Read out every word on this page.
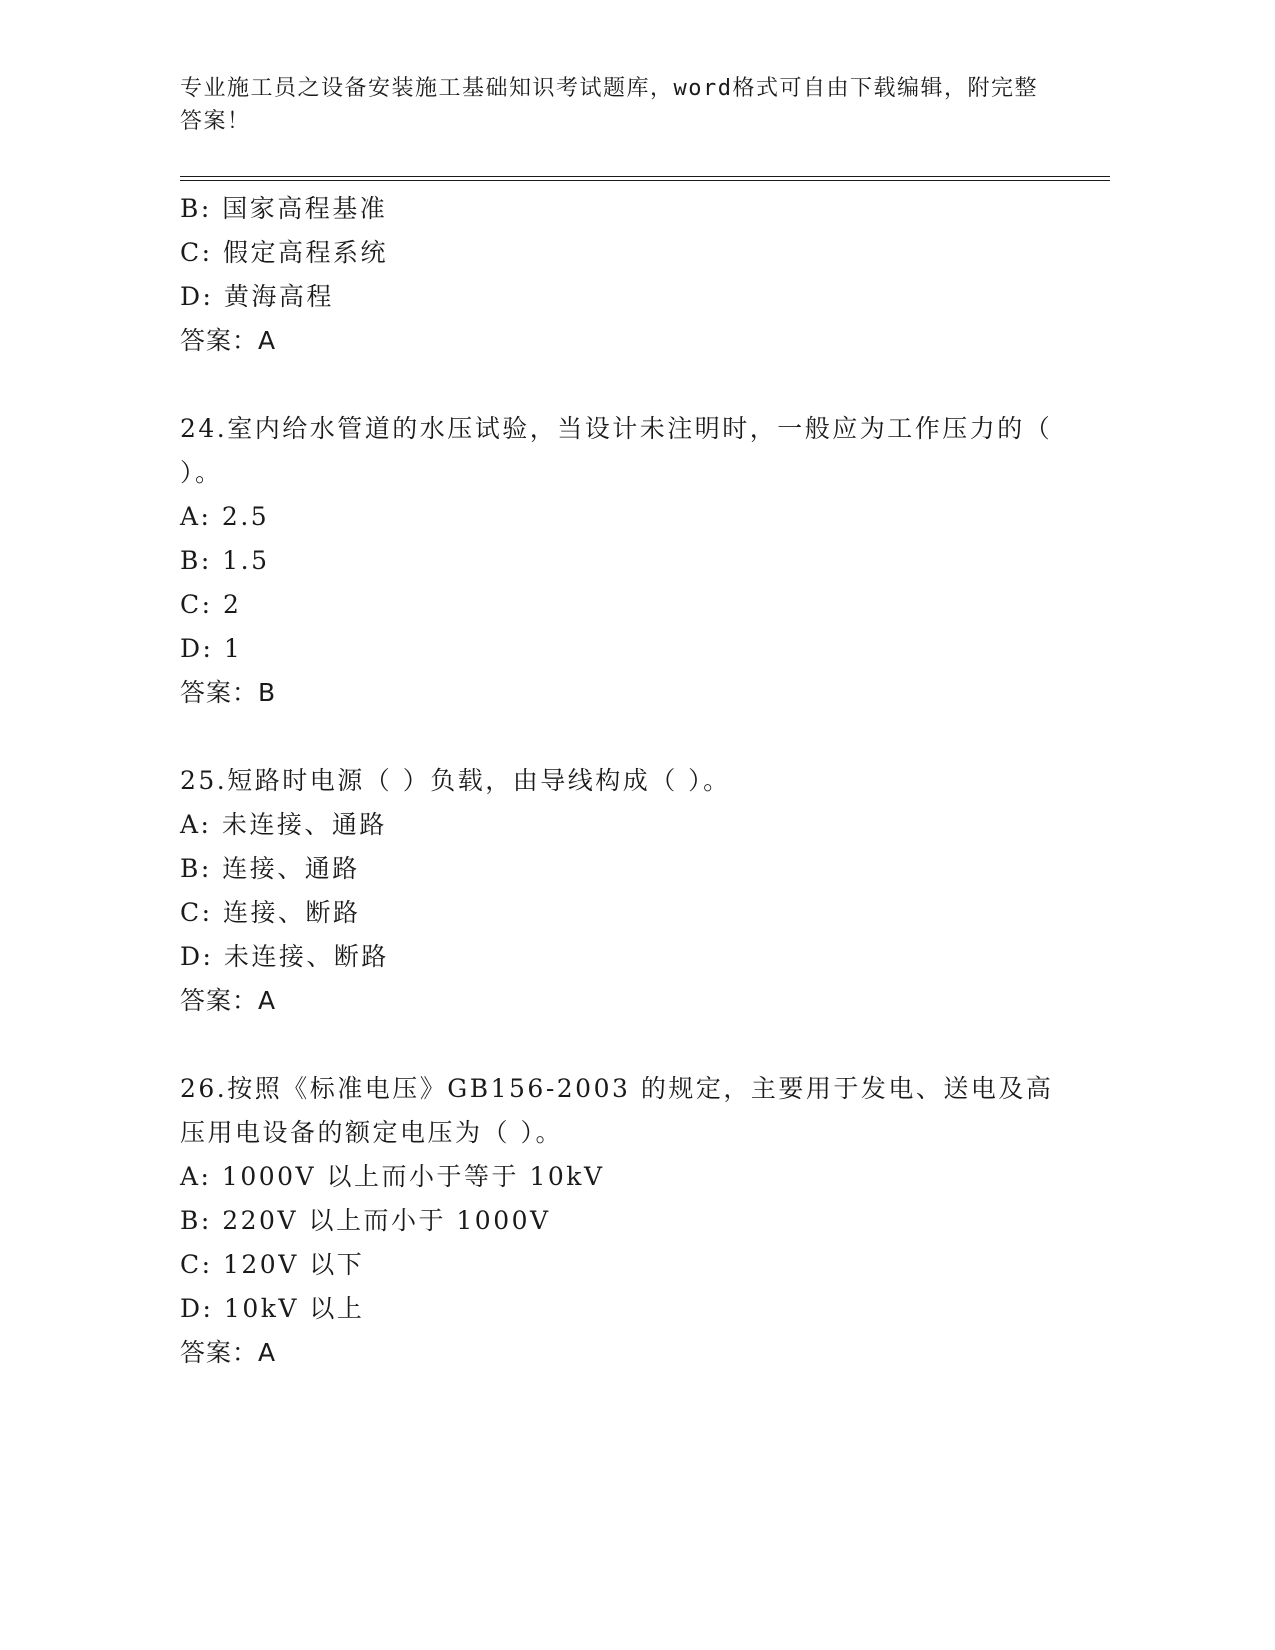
专业施工员之设备安装施工基础知识考试题库，word格式可自由下载编辑，附完整答案！
B: 国家高程基准
C: 假定高程系统
D: 黄海高程
答案：A
24.室内给水管道的水压试验，当设计未注明时，一般应为工作压力的（ ）。
A: 2.5
B: 1.5
C: 2
D: 1
答案：B
25.短路时电源（ ）负载，由导线构成（ ）。
A: 未连接、通路
B: 连接、通路
C: 连接、断路
D: 未连接、断路
答案：A
26.按照《标准电压》GB156-2003 的规定，主要用于发电、送电及高压用电设备的额定电压为（ ）。
A: 1000V 以上而小于等于 10kV
B: 220V 以上而小于 1000V
C: 120V 以下
D: 10kV 以上
答案：A
